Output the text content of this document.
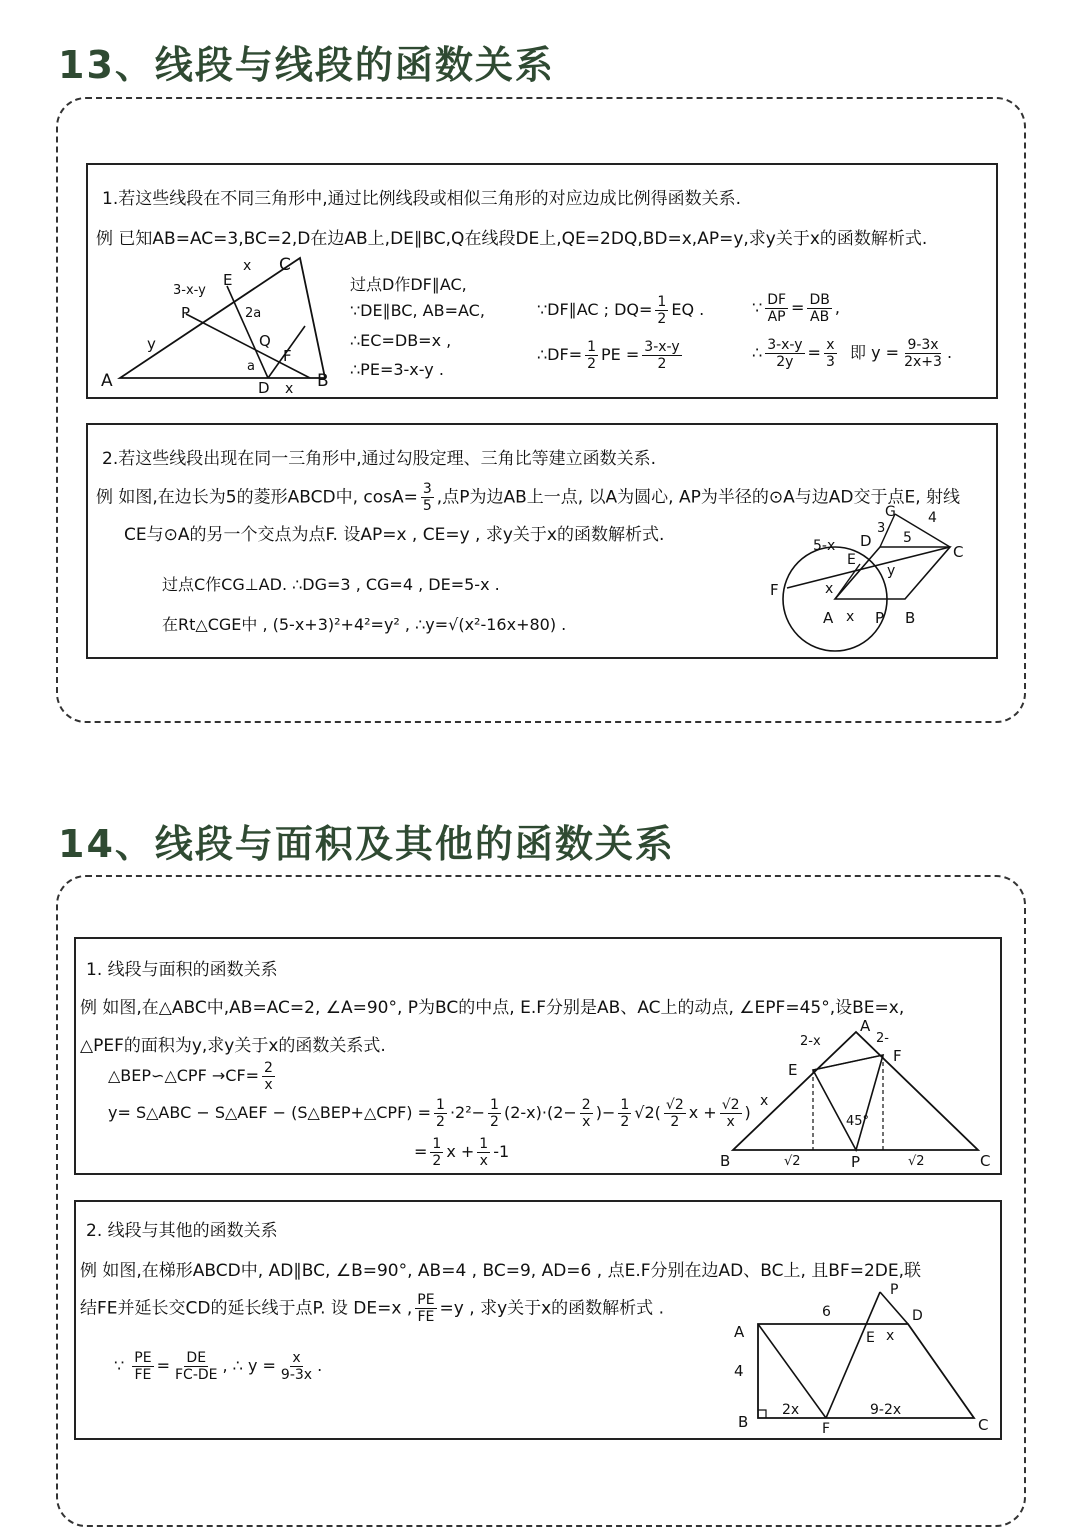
13、线段与线段的函数关系
1.若这些线段在不同三角形中,通过比例线段或相似三角形的对应边成比例得函数关系.
例 已知AB=AC=3,BC=2,D在边AB上,DE∥BC,Q在线段DE上,QE=2DQ,BD=x,AP=y,求y关于x的函数解析式.
A	B
C
D
E
F
P
Q
x
x
y
a
2a
3-x-y	过点D作DF∥AC,
∵DE∥BC, AB=AC,
∴EC=DB=x ,
∴PE=3-x-y .
∵DF∥AC ; $DQ= \frac{1}{2}$ EQ .
∴DF= $\frac{1}{2}$ PE = $\frac{3-x-y}{2}$
∵ $\frac{DF}{AP} = \frac{DB}{AB}$ ,
∴ $\frac{3-x-y}{2y} = \frac{x}{3}$ 即 $y = \frac{9-3x}{2x+3}$ .
2.若这些线段出现在同一三角形中,通过勾股定理、三角比等建立函数关系.
例 如图,在边长为5的菱形ABCD中, $\cos A= \frac{3}{5}$ ,点P为边AB上一点, 以A为圆心, AP为半径的⊙A与边AD交于点E, 射线
CE与⊙A的另一个交点为点F. 设AP=x , CE=y , 求y关于x的函数解析式.
过点C作CG⊥AD. ∴DG=3 , CG=4 , DE=5-x .
在Rt△CGE中 , (5-x+3)²+4²=y² , ∴y=√(x²-16x+80) .	A	B
C
D
E
F
G
P
3
4
5
x
x
y
5-x
14、线段与面积及其他的函数关系
1. 线段与面积的函数关系
例 如图,在△ABC中,AB=AC=2, ∠A=90°, P为BC的中点, E.F分别是AB、AC上的动点, ∠EPF=45°,设BE=x,
△PEF的面积为y,求y关于x的函数关系式.
△BEP∽△CPF $\to CF= \frac{2}{x}$
y= S△ABC − S△AEF − (S△BEP+△CPF) = $\frac{1}{2} \cdot 2^2- \frac{1}{2} (2-x)\cdot(2- \frac{2}{x}$ )− $\frac{1}{2} √2( \frac{√2}{2}$ $x + \frac{√2}{x}$ )
= $\frac{1}{2}$ $x + \frac{1}{x} -1$	B	C
A
E
F
P
x
√2	√2
45°
2-x	2-
2. 线段与其他的函数关系
例 如图,在梯形ABCD中, AD∥BC, ∠B=90°, AB=4 , BC=9, AD=6 , 点E.F分别在边AD、BC上, 且BF=2DE,联
结FE并延长交CD的延长线于点P. 设 DE=x , $\frac{PE}{FE} =y$ , 求y关于x的函数解析式 .
∵ $\frac{PE}{FE} = \frac{DE}{FC-DE}$ , ∴ $y = \frac{x}{9-3x}$ .
A
B	C
D
E
F
P
6
4
x
2x	9-2x
